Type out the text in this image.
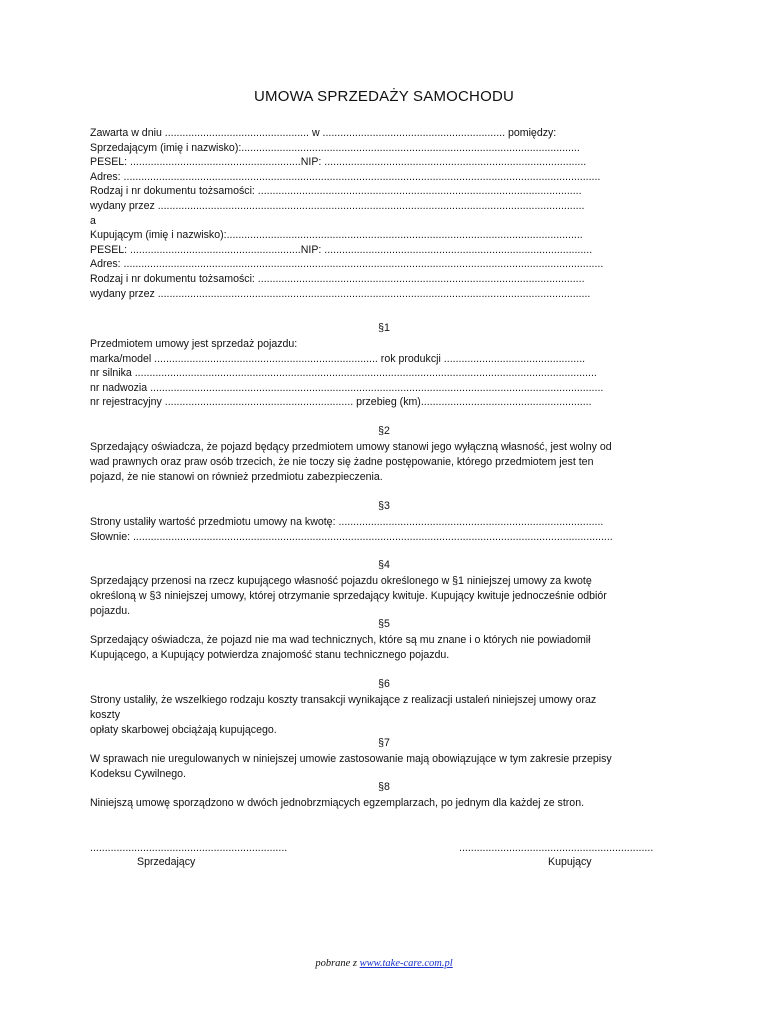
UMOWA SPRZEDAŻY SAMOCHODU
Zawarta w dniu ................................................. w .............................................................. pomiędzy:
Sprzedającym (imię i nazwisko):...................................................................................................................
PESEL: ..........................................................NIP: .........................................................................................
Adres: ..................................................................................................................................................................
Rodzaj i nr dokumentu tożsamości: ..............................................................................................................
wydany przez .................................................................................................................................................
a
Kupującym (imię i nazwisko):.........................................................................................................................
PESEL: ..........................................................NIP: ...........................................................................................
Adres: ...................................................................................................................................................................
Rodzaj i nr dokumentu tożsamości: ...............................................................................................................
wydany przez ...................................................................................................................................................
§1
Przedmiotem umowy jest sprzedaż pojazdu:
marka/model ............................................................................ rok produkcji ................................................
nr silnika .............................................................................................................................................................
nr nadwozia ..........................................................................................................................................................
nr rejestracyjny ................................................................ przebieg (km)..........................................................
§2
Sprzedający oświadcza, że pojazd będący przedmiotem umowy stanowi jego wyłączną własność, jest wolny od
wad prawnych oraz praw osób trzecich, że nie toczy się żadne postępowanie, którego przedmiotem jest ten
pojazd, że nie stanowi on również przedmiotu zabezpieczenia.
§3
Strony ustaliły wartość przedmiotu umowy na kwotę: ..........................................................................................
Słownie: ...................................................................................................................................................................
§4
Sprzedający przenosi na rzecz kupującego własność pojazdu określonego w §1 niniejszej umowy za kwotę
określoną w §3 niniejszej umowy, której otrzymanie sprzedający kwituje. Kupujący kwituje jednocześnie odbiór
pojazdu.
§5
Sprzedający oświadcza, że pojazd nie ma wad technicznych, które są mu znane i o których nie powiadomił
Kupującego, a Kupujący potwierdza znajomość stanu technicznego pojazdu.
§6
Strony ustaliły, że wszelkiego rodzaju koszty transakcji wynikające z realizacji ustaleń niniejszej umowy oraz
koszty
opłaty skarbowej obciążają kupującego.
§7
W sprawach nie uregulowanych w niniejszej umowie zastosowanie mają obowiązujące w tym zakresie przepisy
Kodeksu Cywilnego.
§8
Niniejszą umowę sporządzono w dwóch jednobrzmiących egzemplarzach, po jednym dla każdej ze stron.
...................................................................
Sprzedający
..................................................................
Kupujący
pobrane z www.take-care.com.pl
